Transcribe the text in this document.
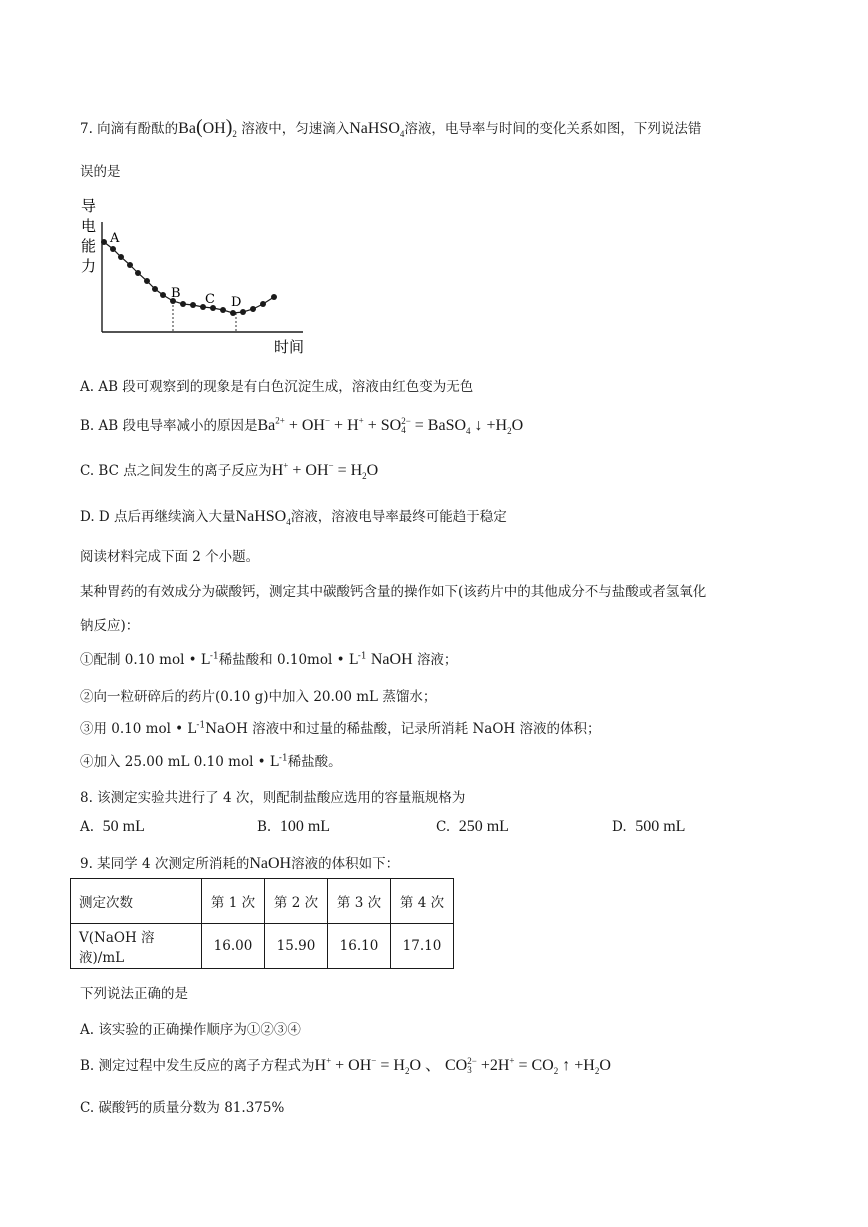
7. 向滴有酚酞的$Ba(OH)_2$ 溶液中，匀速滴入NaHSO$_4$溶液，电导率与时间的变化关系如图，下列说法错
误的是
导
电
能
力
时间
A
B C D
A. AB 段可观察到的现象是有白色沉淀生成，溶液由红色变为无色
B. AB 段电导率减小的原因是$Ba^{2+} + OH^- + H^+ + SO2-$
4 = BaSO$_4$ ↓ $+H_2O$
C. BC 点之间发生的离子反应为$H^+ + OH^- = H_2O$
D. D 点后再继续滴入大量NaHSO$_4$溶液，溶液电导率最终可能趋于稳定
阅读材料完成下面 2 个小题。
某种胃药的有效成分为碳酸钙，测定其中碳酸钙含量的操作如下(该药片中的其他成分不与盐酸或者氢氧化
钠反应)：
①配制 0.10 mol • $L^{-1}$稀盐酸和 0.10mol • $L^{-1}$ NaOH 溶液；
②向一粒研碎后的药片(0.10 g)中加入 20.00 mL 蒸馏水；
③用 0.10 mol • $L^{-1}NaOH$ 溶液中和过量的稀盐酸，记录所消耗 NaOH 溶液的体积；
④加入 25.00 mL 0.10 mol • $L^{-1}$稀盐酸。
8. 该测定实验共进行了 4 次，则配制盐酸应选用的容量瓶规格为
A. 50 mL	B. 100 mL	C. 250 mL	D. 500 mL
9. 某同学 4 次测定所消耗的NaOH溶液的体积如下：
测定次数	第 1 次	第 2 次	第 3 次	第 4 次
V(NaOH 溶液)/mL	16.00	15.90	16.10	17.10
下列说法正确的是
A. 该实验的正确操作顺序为①②③④
B. 测定过程中发生反应的离子方程式为$H^+ + OH^- = H_2O$ 、 CO2−
$3 +2H^+ = CO_2$ ↑ $+H_2O$
C. 碳酸钙的质量分数为 81.375%
